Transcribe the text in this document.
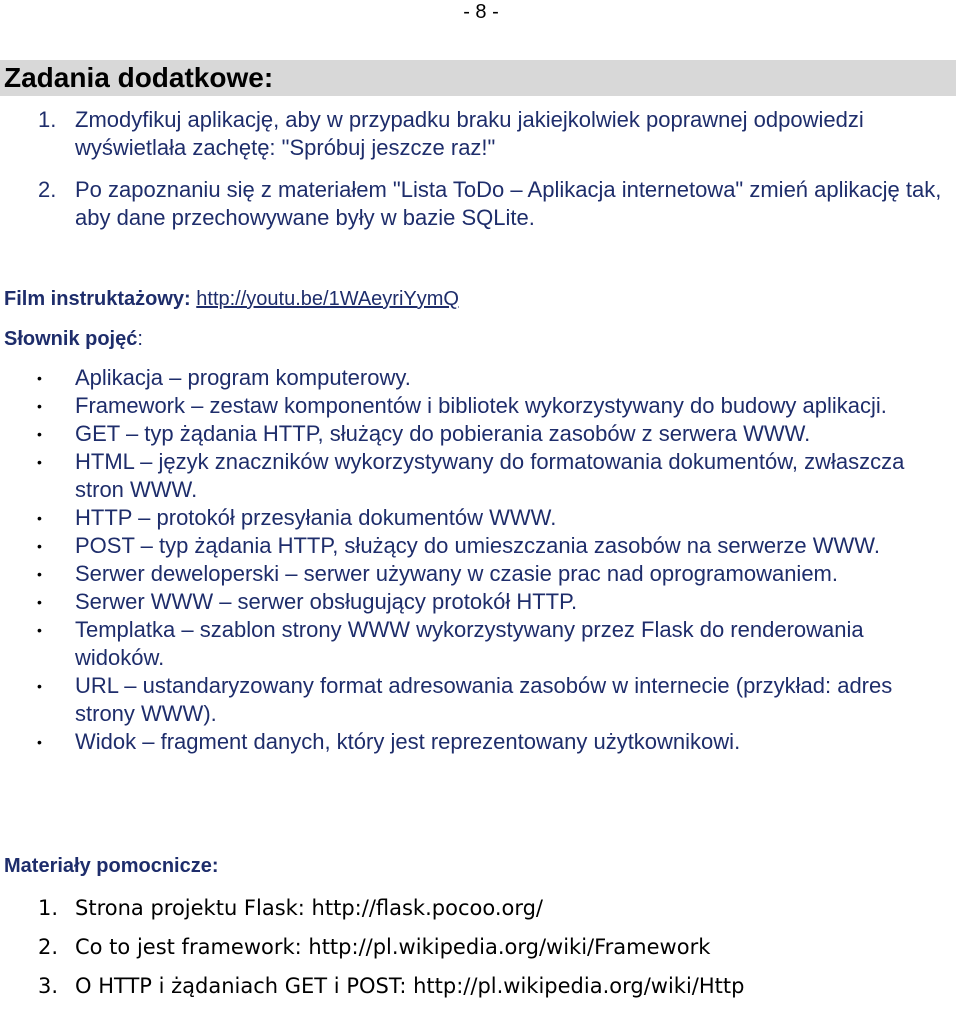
- 8 -
Zadania dodatkowe:
1. Zmodyfikuj aplikację, aby w przypadku braku jakiejkolwiek poprawnej odpowiedzi wyświetlała zachętę: "Spróbuj jeszcze raz!"
2. Po zapoznaniu się z materiałem "Lista ToDo – Aplikacja internetowa" zmień aplikację tak, aby dane przechowywane były w bazie SQLite.
Film instruktażowy: http://youtu.be/1WAeyriYymQ
Słownik pojęć:
• Aplikacja – program komputerowy.
• Framework – zestaw komponentów i bibliotek wykorzystywany do budowy aplikacji.
• GET – typ żądania HTTP, służący do pobierania zasobów z serwera WWW.
• HTML – język znaczników wykorzystywany do formatowania dokumentów, zwłaszcza stron WWW.
• HTTP – protokół przesyłania dokumentów WWW.
• POST – typ żądania HTTP, służący do umieszczania zasobów na serwerze WWW.
• Serwer deweloperski – serwer używany w czasie prac nad oprogramowaniem.
• Serwer WWW – serwer obsługujący protokół HTTP.
• Templatka – szablon strony WWW wykorzystywany przez Flask do renderowania widoków.
• URL – ustandaryzowany format adresowania zasobów w internecie (przykład: adres strony WWW).
• Widok – fragment danych, który jest reprezentowany użytkownikowi.
Materiały pomocnicze:
1. Strona projektu Flask: http://flask.pocoo.org/
2. Co to jest framework: http://pl.wikipedia.org/wiki/Framework
3. O HTTP i żądaniach GET i POST: http://pl.wikipedia.org/wiki/Http
